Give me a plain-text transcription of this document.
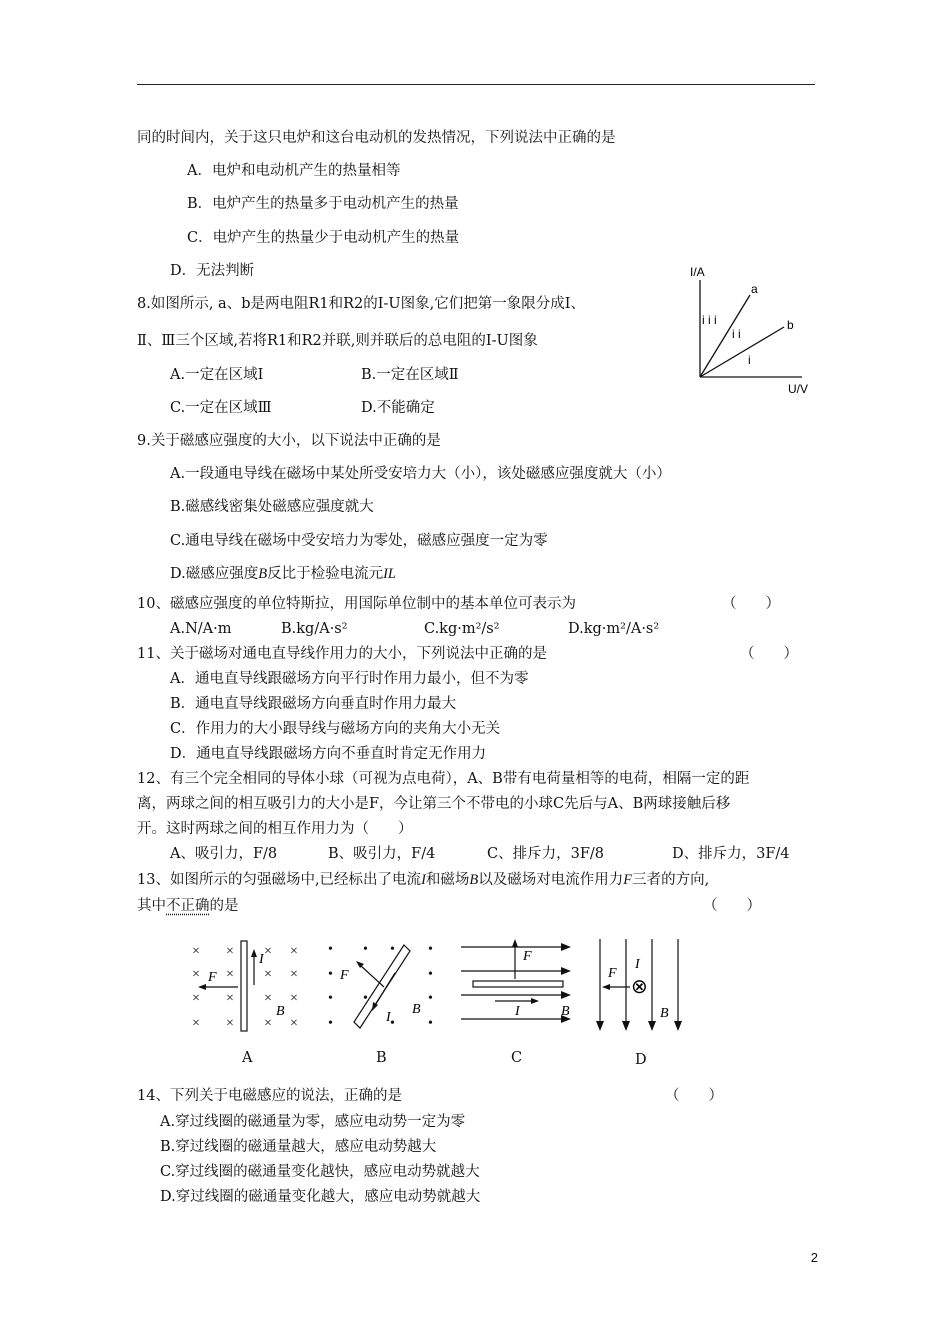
同的时间内，关于这只电炉和这台电动机的发热情况，下列说法中正确的是
A．电炉和电动机产生的热量相等
B．电炉产生的热量多于电动机产生的热量
C．电炉产生的热量少于电动机产生的热量
D．无法判断
8.如图所示, a、b是两电阻R1和R2的I-U图象,它们把第一象限分成Ⅰ、
Ⅱ、Ⅲ三个区域,若将R1和R2并联,则并联后的总电阻的I-U图象
A.一定在区域Ⅰ	B.一定在区域Ⅱ
C.一定在区域Ⅲ	D.不能确定
I/A
U/V
a
b
i i i
i i
i
9.关于磁感应强度的大小，以下说法中正确的是
A.一段通电导线在磁场中某处所受安培力大（小），该处磁感应强度就大（小）
B.磁感线密集处磁感应强度就大
C.通电导线在磁场中受安培力为零处，磁感应强度一定为零
D.磁感应强度B反比于检验电流元IL
10、磁感应强度的单位特斯拉，用国际单位制中的基本单位可表示为	（　　）
A.N/A·m	B.kg/A·s²	C.kg·m²/s²	D.kg·m²/A·s²
11、关于磁场对通电直导线作用力的大小，下列说法中正确的是	（　　）
A．通电直导线跟磁场方向平行时作用力最小，但不为零
B．通电直导线跟磁场方向垂直时作用力最大
C．作用力的大小跟导线与磁场方向的夹角大小无关
D．通电直导线跟磁场方向不垂直时肯定无作用力
12、有三个完全相同的导体小球（可视为点电荷），A、B带有电荷量相等的电荷，相隔一定的距
离，两球之间的相互吸引力的大小是F，今让第三个不带电的小球C先后与A、B两球接触后移
开。这时两球之间的相互作用力为（　　）
A、吸引力，F/8	B、吸引力，F/4	C、排斥力，3F/8	D、排斥力，3F/4
13、如图所示的匀强磁场中,已经标出了电流I和磁场B以及磁场对电流作用力F三者的方向,
其中不正确的是	（　　）
× × × ×
× × × ×
× × × ×
× × × ×
I
F
B
A
• • • •
•	•
• •	•
•	• •
I
F
B
B
I
F
B
C
⊗
I
F
B
D
14、下列关于电磁感应的说法，正确的是	（　　）
A.穿过线圈的磁通量为零，感应电动势一定为零
B.穿过线圈的磁通量越大，感应电动势越大
C.穿过线圈的磁通量变化越快，感应电动势就越大
D.穿过线圈的磁通量变化越大，感应电动势就越大
2
